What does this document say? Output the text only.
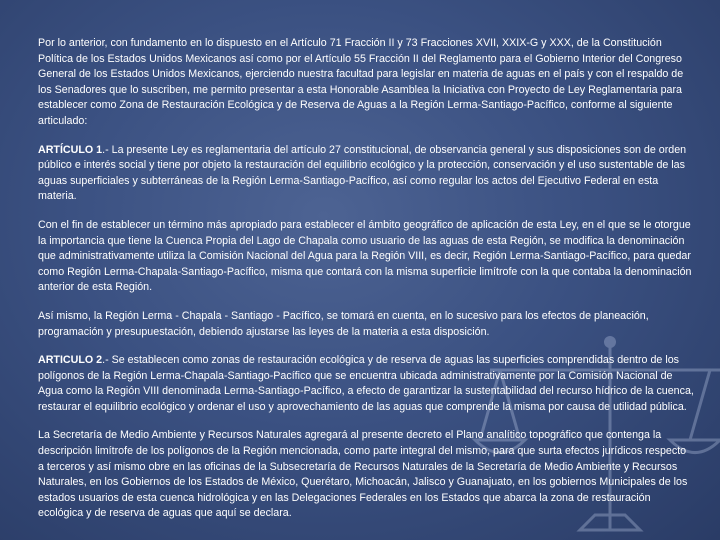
Por lo anterior, con fundamento en lo dispuesto en el Artículo 71 Fracción II y 73 Fracciones XVII, XXIX-G y XXX, de la Constitución Política de los Estados Unidos Mexicanos así como por el Artículo 55 Fracción II del Reglamento para el Gobierno Interior del Congreso General de los Estados Unidos Mexicanos, ejerciendo nuestra facultad para legislar en materia de aguas en el país y con el respaldo de los Senadores que lo suscriben, me permito presentar a esta Honorable Asamblea la Iniciativa con Proyecto de Ley Reglamentaria para establecer como Zona de Restauración Ecológica y de Reserva de Aguas a la Región Lerma-Santiago-Pacífico, conforme al siguiente articulado:

ARTÍCULO 1.- La presente Ley es reglamentaria del artículo 27 constitucional, de observancia general y sus disposiciones son de orden público e interés social y tiene por objeto la restauración del equilibrio ecológico y la protección, conservación y el uso sustentable de las aguas superficiales y subterráneas de la Región Lerma-Santiago-Pacífico, así como regular los actos del Ejecutivo Federal en esta materia.

Con el fin de establecer un término más apropiado para establecer el ámbito geográfico de aplicación de esta Ley, en el que se le otorgue la importancia que tiene la Cuenca Propia del Lago de Chapala como usuario de las aguas de esta Región, se modifica la denominación que administrativamente utiliza la Comisión Nacional del Agua para la Región VIII, es decir, Región Lerma-Santiago-Pacífico, para quedar como Región Lerma-Chapala-Santiago-Pacífico, misma que contará con la misma superficie limítrofe con la que contaba la denominación anterior de esta Región.

Así mismo, la Región Lerma - Chapala - Santiago - Pacífico, se tomará en cuenta, en lo sucesivo para los efectos de planeación, programación y presupuestación, debiendo ajustarse las leyes de la materia a esta disposición.

ARTICULO 2.- Se establecen como zonas de restauración ecológica y de reserva de aguas las superficies comprendidas dentro de los polígonos de la Región Lerma-Chapala-Santiago-Pacífico que se encuentra ubicada administrativamente por la Comisión Nacional de Agua como la Región VIII denominada Lerma-Santiago-Pacífico, a efecto de garantizar la sustentabilidad del recurso hídrico de la cuenca, restaurar el equilibrio ecológico y ordenar el uso y aprovechamiento de las aguas que comprende la misma por causa de utilidad pública.

La Secretaría de Medio Ambiente y Recursos Naturales agregará al presente decreto el Plano analítico topográfico que contenga la descripción limítrofe de los polígonos de la Región mencionada, como parte integral del mismo, para que surta efectos jurídicos respecto a terceros y así mismo obre en las oficinas de la Subsecretaría de Recursos Naturales de la Secretaría de Medio Ambiente y Recursos Naturales, en los Gobiernos de los Estados de México, Querétaro, Michoacán, Jalisco y Guanajuato, en los gobiernos Municipales de los estados usuarios de esta cuenca hidrológica y en las Delegaciones Federales en los Estados que abarca la zona de restauración ecológica y de reserva de aguas que aquí se declara.
